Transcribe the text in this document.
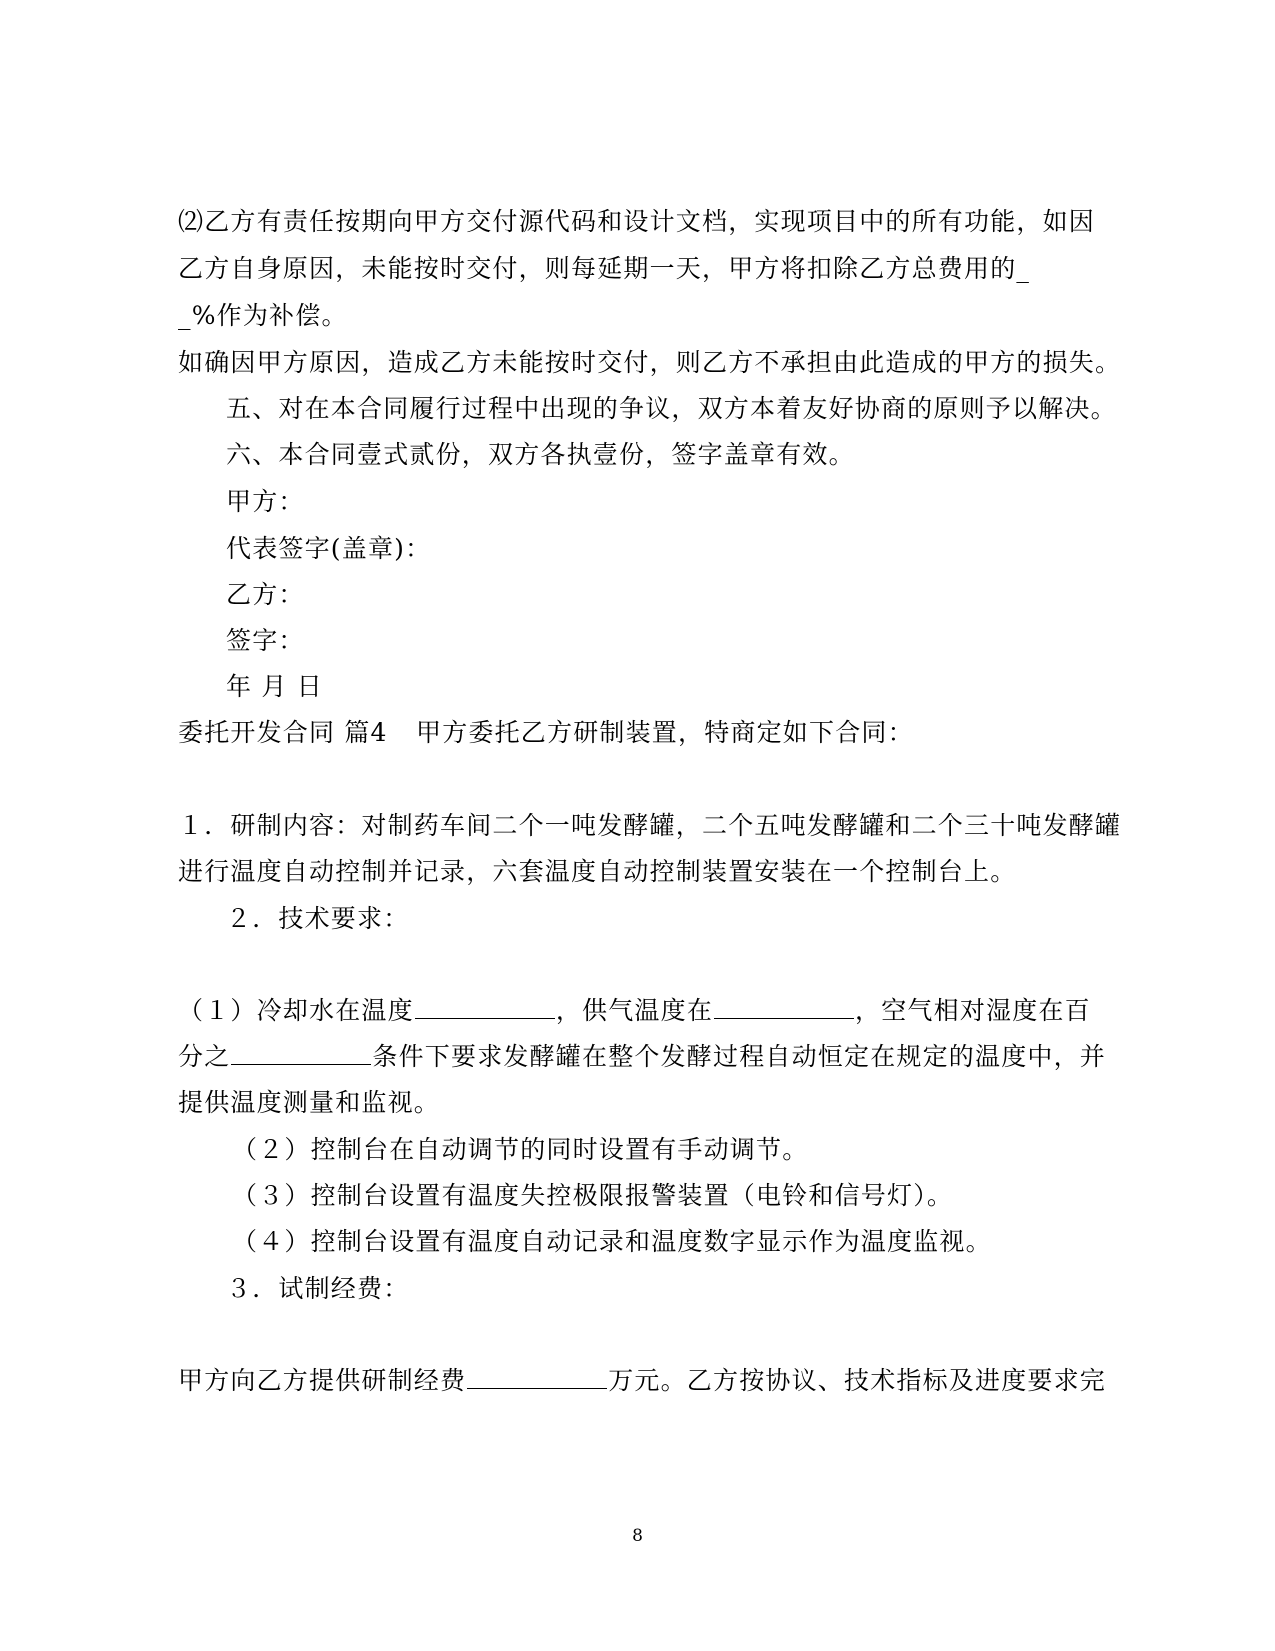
⑵乙方有责任按期向甲方交付源代码和设计文档，实现项目中的所有功能，如因
乙方自身原因，未能按时交付，则每延期一天，甲方将扣除乙方总费用的_
_%作为补偿。
如确因甲方原因，造成乙方未能按时交付，则乙方不承担由此造成的甲方的损失。
五、对在本合同履行过程中出现的争议，双方本着友好协商的原则予以解决。
六、本合同壹式贰份，双方各执壹份，签字盖章有效。
甲方：
代表签字(盖章)：
乙方：
签字：
年 月 日
委托开发合同 篇4 甲方委托乙方研制装置，特商定如下合同：
１．研制内容：对制药车间二个一吨发酵罐，二个五吨发酵罐和二个三十吨发酵罐
进行温度自动控制并记录，六套温度自动控制装置安装在一个控制台上。
２．技术要求：
（１）冷却水在温度	，供气温度在	，空气相对湿度在百
分之	条件下要求发酵罐在整个发酵过程自动恒定在规定的温度中，并
提供温度测量和监视。
（２）控制台在自动调节的同时设置有手动调节。
（３）控制台设置有温度失控极限报警装置（电铃和信号灯）。
（４）控制台设置有温度自动记录和温度数字显示作为温度监视。
３．试制经费：
甲方向乙方提供研制经费	万元。乙方按协议、技术指标及进度要求完
8
